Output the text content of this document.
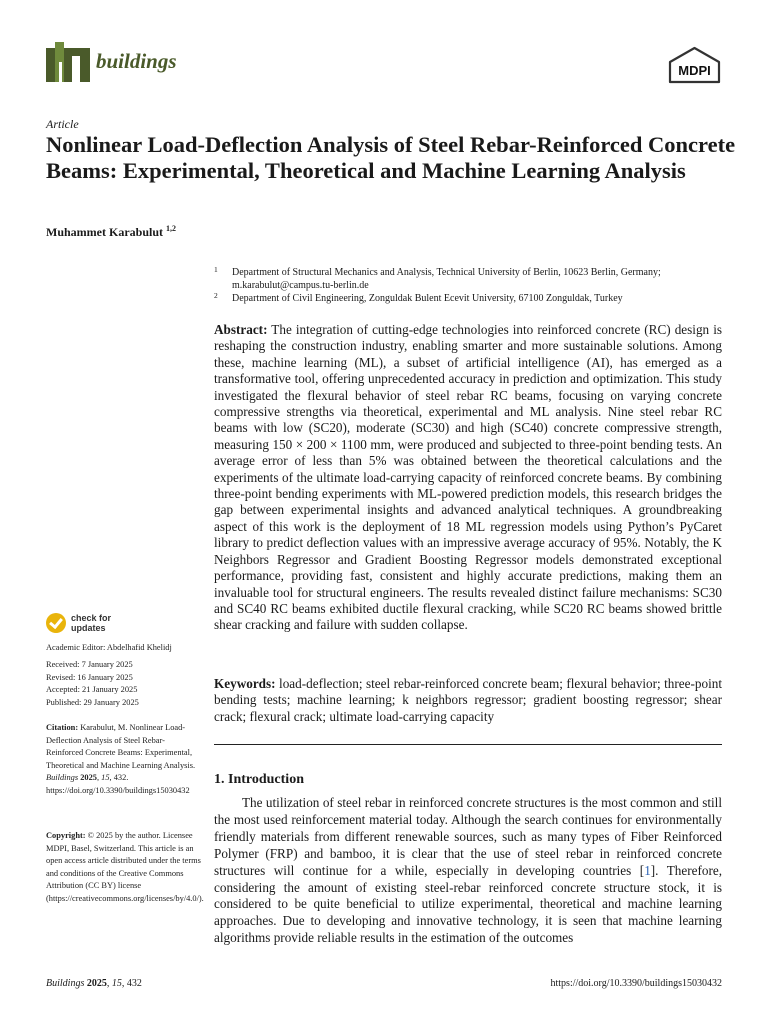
buildings	MDPI
Article
Nonlinear Load-Deflection Analysis of Steel Rebar-Reinforced Concrete Beams: Experimental, Theoretical and Machine Learning Analysis
Muhammet Karabulut $^{1,2}$
1 Department of Structural Mechanics and Analysis, Technical University of Berlin, 10623 Berlin, Germany; m.karabulut@campus.tu-berlin.de
2 Department of Civil Engineering, Zonguldak Bulent Ecevit University, 67100 Zonguldak, Turkey
Abstract: The integration of cutting-edge technologies into reinforced concrete (RC) design is reshaping the construction industry, enabling smarter and more sustainable solutions. Among these, machine learning (ML), a subset of artificial intelligence (AI), has emerged as a transformative tool, offering unprecedented accuracy in prediction and optimization. This study investigated the flexural behavior of steel rebar RC beams, focusing on varying concrete compressive strengths via theoretical, experimental and ML analysis. Nine steel rebar RC beams with low (SC20), moderate (SC30) and high (SC40) concrete compressive strength, measuring 150 × 200 × 1100 mm, were produced and subjected to three-point bending tests. An average error of less than 5% was obtained between the theoretical calculations and the experiments of the ultimate load-carrying capacity of reinforced concrete beams. By combining three-point bending experiments with ML-powered prediction models, this research bridges the gap between experimental insights and advanced analytical techniques. A groundbreaking aspect of this work is the deployment of 18 ML regression models using Python’s PyCaret library to predict deflection values with an impressive average accuracy of 95%. Notably, the K Neighbors Regressor and Gradient Boosting Regressor models demonstrated exceptional performance, providing fast, consistent and highly accurate predictions, making them an invaluable tool for structural engineers. The results revealed distinct failure mechanisms: SC30 and SC40 RC beams exhibited ductile flexural cracking, while SC20 RC beams showed brittle shear cracking and failure with sudden collapse.
Keywords: load-deflection; steel rebar-reinforced concrete beam; flexural behavior; three-point bending tests; machine learning; k neighbors regressor; gradient boosting regressor; shear crack; flexural crack; ultimate load-carrying capacity
1. Introduction
The utilization of steel rebar in reinforced concrete structures is the most common and still the most used reinforcement material today. Although the search continues for environmentally friendly materials from different renewable sources, such as many types of Fiber Reinforced Polymer (FRP) and bamboo, it is clear that the use of steel rebar in reinforced concrete structures will continue for a while, especially in developing countries [1]. Therefore, considering the amount of existing steel-rebar reinforced concrete structure stock, it is considered to be quite beneficial to utilize experimental, theoretical and machine learning approaches. Due to developing and innovative technology, it is seen that machine learning algorithms provide reliable results in the estimation of the outcomes
check for
updates
Academic Editor: Abdelhafid Khelidj
Received: 7 January 2025
Revised: 16 January 2025
Accepted: 21 January 2025
Published: 29 January 2025
Citation: Karabulut, M. Nonlinear Load-Deflection Analysis of Steel Rebar-Reinforced Concrete Beams: Experimental, Theoretical and Machine Learning Analysis. Buildings 2025, 15, 432. https://doi.org/10.3390/buildings15030432
Copyright: © 2025 by the author. Licensee MDPI, Basel, Switzerland. This article is an open access article distributed under the terms and conditions of the Creative Commons Attribution (CC BY) license (https://creativecommons.org/licenses/by/4.0/).
Buildings 2025, 15, 432	https://doi.org/10.3390/buildings15030432
